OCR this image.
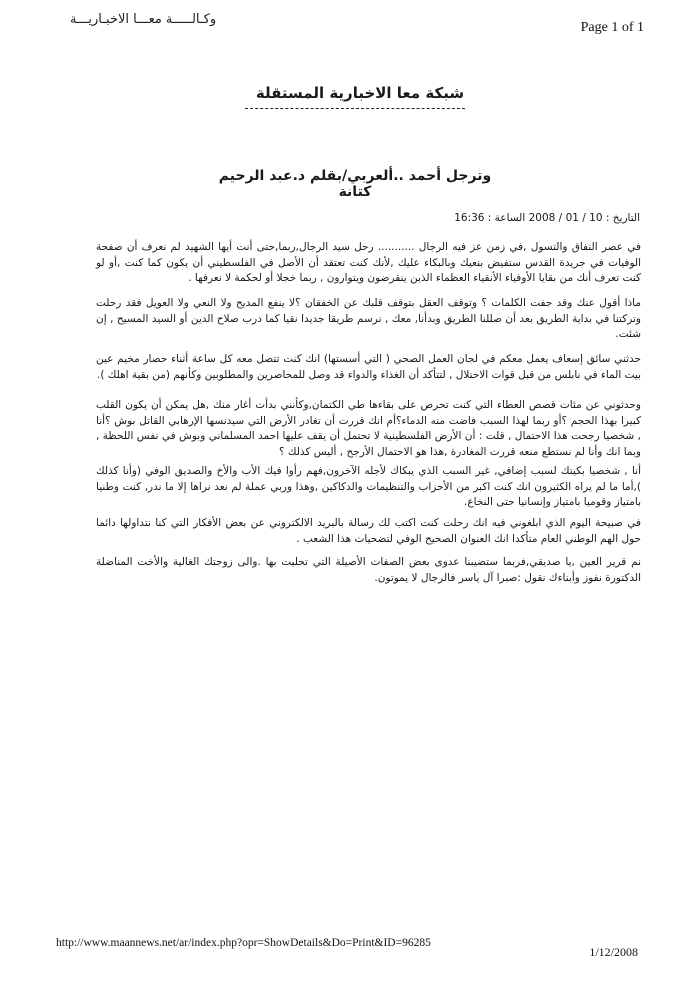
وكـالـــــة معـــا الاخبـاريـــة
Page 1 of 1
شبكة معا الاخبارية المستقلة
وترجل أحمد ..ألعربي/بقلم د.عبد الرحيم كتانة
التاريخ : 10 / 01 / 2008 الساعة : 16:36
في عصر النفاق والتسول ,في زمن عز فيه الرجال ........... رحل سيد الرجال,ربما,حتى أنت أيها الشهيد لم نعرف أن صفحة الوفيات في جريدة القدس ستفيض بنعيك وبالبكاء عليك ,لأنك كنت تعتقد أن الأصل في الفلسطيني أن يكون كما كنت ,أو لو كنت تعرف أنك من بقايا الأوفياء الأنقياء العظماء الذين ينقرضون ويتوارون , ربما خجلا أو لحكمة لا نعرفها .
ماذا أقول عنك وقد جفت الكلمات ؟ وتوقف العقل بتوقف قلبك عن الخفقان ؟لا ينفع المديح ولا النعي ولا العويل فقد رحلت وتركتنا في بداية الطريق بعد أن صللنا الطريق وبدأنا, معك , نرسم طريقا جديدا نقيا كما درب صلاح الدين أو السيد المسيح , إن شئت.
حدثني سائق إسعاف يعمل معكم في لجان العمل الصحي ( التي أسستها) انك كنت تتصل معه كل ساعة أثناء حصار مخيم عين بيت الماء في نابلس من قبل قوات الاحتلال , لتتأكد أن الغذاء والدواء قد وصل للمحاصرين والمطلوبين وكأنهم (من بقية اهلك ).
وحدثوني عن مئات قصص العطاء التي كنت تحرص على بقاءها طي الكتمان,وكأنني بدأت أغار منك ,هل يمكن أن يكون القلب كبيرا بهذا الحجم ؟أو ربما لهذا السبب فاضت منه الدماء؟أم انك قررت أن تغادر الأرض التي سيدنسها الإرهابي القاتل بوش ؟أنا , شخصيا رجحت هذا الاحتمال , قلت : أن الأرض الفلسطينية لا تحتمل أن يقف عليها احمد المسلماني وبوش في نفس اللحظة , وبما انك وأنا لم نستطع منعه قررت المغادرة ,هذا هو الاحتمال الأرجح , أليس كذلك ؟
أنا , شخصيا بكيتك لسبب إضافي, غير السبب الذي يبكاك لأجله الآخرون,فهم رأوا فيك الأب والأخ والصديق الوفي (وأنا كذلك ),أما ما لم يراه الكثيرون انك كنت اكبر من الأحزاب والتنظيمات والدكاكين ,وهذا وربي عملة لم نعد نراها إلا ما ندر, كنت وطنيا بامتياز وقوميا بامتياز وإنسانيا حتى النخاع.
في صبيحة اليوم الذي ابلغوني فيه انك رحلت كنت اكتب لك رسالة بالبريد الالكتروني عن بعض الأفكار التي كنا نتداولها دائما حول الهم الوطني العام متأكدا انك العنوان الصحيح الوفي لتضحيات هذا الشعب .
نم قرير العين ,يا صديقي,فربما ستضيبنا عدوى بعض الصفات الأصيلة التي تحليت بها .والى زوجتك الغالية والأخت المناضلة الدكتورة نفوز وأبناءك نقول :صبرا آل ياسر فالرجال لا يموتون.
http://www.maannews.net/ar/index.php?opr=ShowDetails&Do=Print&ID=96285
1/12/2008
